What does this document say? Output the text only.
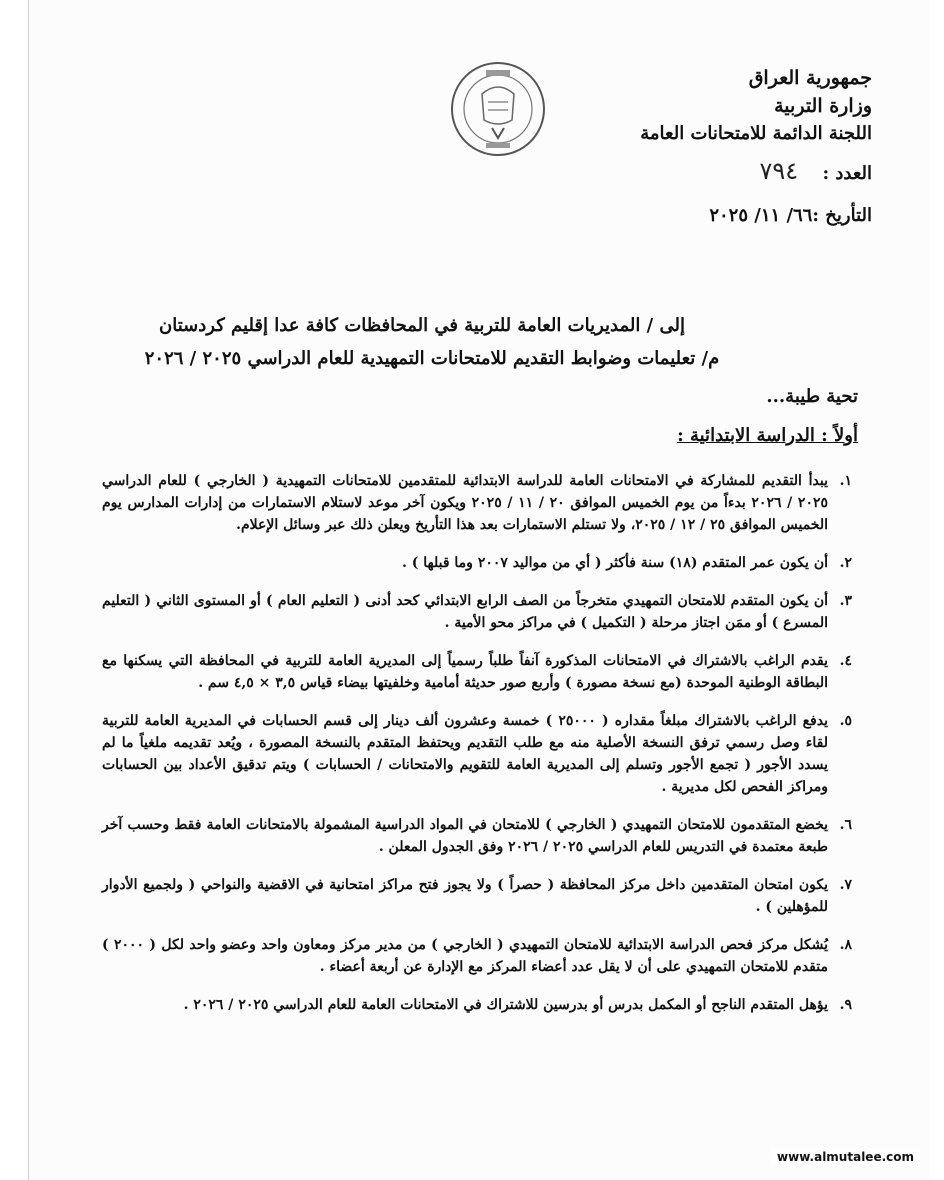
جمهورية العراق
وزارة التربية
اللجنة الدائمة للامتحانات العامة
العدد : ٧٩٤
التأريخ :٦٦/ ١١/ ٢٠٢٥
إلى / المديريات العامة للتربية في المحافظات كافة عدا إقليم كردستان
م/ تعليمات وضوابط التقديم للامتحانات التمهيدية للعام الدراسي ٢٠٢٥ / ٢٠٢٦
تحية طيبة...
أولاً : الدراسة الابتدائية :
١.
يبدأ التقديم للمشاركة في الامتحانات العامة للدراسة الابتدائية للمتقدمين للامتحانات التمهيدية ( الخارجي ) للعام الدراسي ٢٠٢٥ / ٢٠٢٦ بدءاً من يوم الخميس الموافق ٢٠ / ١١ / ٢٠٢٥ ويكون آخر موعد لاستلام الاستمارات من إدارات المدارس يوم الخميس الموافق ٢٥ / ١٢ / ٢٠٢٥، ولا تستلم الاستمارات بعد هذا التأريخ ويعلن ذلك عبر وسائل الإعلام.
٢.
أن يكون عمر المتقدم (١٨) سنة فأكثر ( أي من مواليد ٢٠٠٧ وما قبلها ) .
٣.
أن يكون المتقدم للامتحان التمهيدي متخرجاً من الصف الرابع الابتدائي كحد أدنى ( التعليم العام ) أو المستوى الثاني ( التعليم المسرع ) أو ممَن اجتاز مرحلة ( التكميل ) في مراكز محو الأمية .
٤.
يقدم الراغب بالاشتراك في الامتحانات المذكورة آنفاً طلباً رسمياً إلى المديرية العامة للتربية في المحافظة التي يسكنها مع البطاقة الوطنية الموحدة (مع نسخة مصورة ) وأربع صور حديثة أمامية وخلفيتها بيضاء قياس ٣,٥ × ٤,٥ سم .
٥.
يدفع الراغب بالاشتراك مبلغاً مقداره ( ٢٥٠٠٠ ) خمسة وعشرون ألف دينار إلى قسم الحسابات في المديرية العامة للتربية لقاء وصل رسمي ترفق النسخة الأصلية منه مع طلب التقديم ويحتفظ المتقدم بالنسخة المصورة ، ويُعد تقديمه ملغياً ما لم يسدد الأجور ( تجمع الأجور وتسلم إلى المديرية العامة للتقويم والامتحانات / الحسابات ) ويتم تدقيق الأعداد بين الحسابات ومراكز الفحص لكل مديرية .
٦.
يخضع المتقدمون للامتحان التمهيدي ( الخارجي ) للامتحان في المواد الدراسية المشمولة بالامتحانات العامة فقط وحسب آخر طبعة معتمدة في التدريس للعام الدراسي ٢٠٢٥ / ٢٠٢٦ وفق الجدول المعلن .
٧.
يكون امتحان المتقدمين داخل مركز المحافظة ( حصراً ) ولا يجوز فتح مراكز امتحانية في الاقضية والنواحي ( ولجميع الأدوار للمؤهلين ) .
٨.
يُشكل مركز فحص الدراسة الابتدائية للامتحان التمهيدي ( الخارجي ) من مدير مركز ومعاون واحد وعضو واحد لكل ( ٢٠٠٠ ) متقدم للامتحان التمهيدي على أن لا يقل عدد أعضاء المركز مع الإدارة عن أربعة أعضاء .
٩.
يؤهل المتقدم الناجح أو المكمل بدرس أو بدرسين للاشتراك في الامتحانات العامة للعام الدراسي ٢٠٢٥ / ٢٠٢٦ .
www.almutalee.com
